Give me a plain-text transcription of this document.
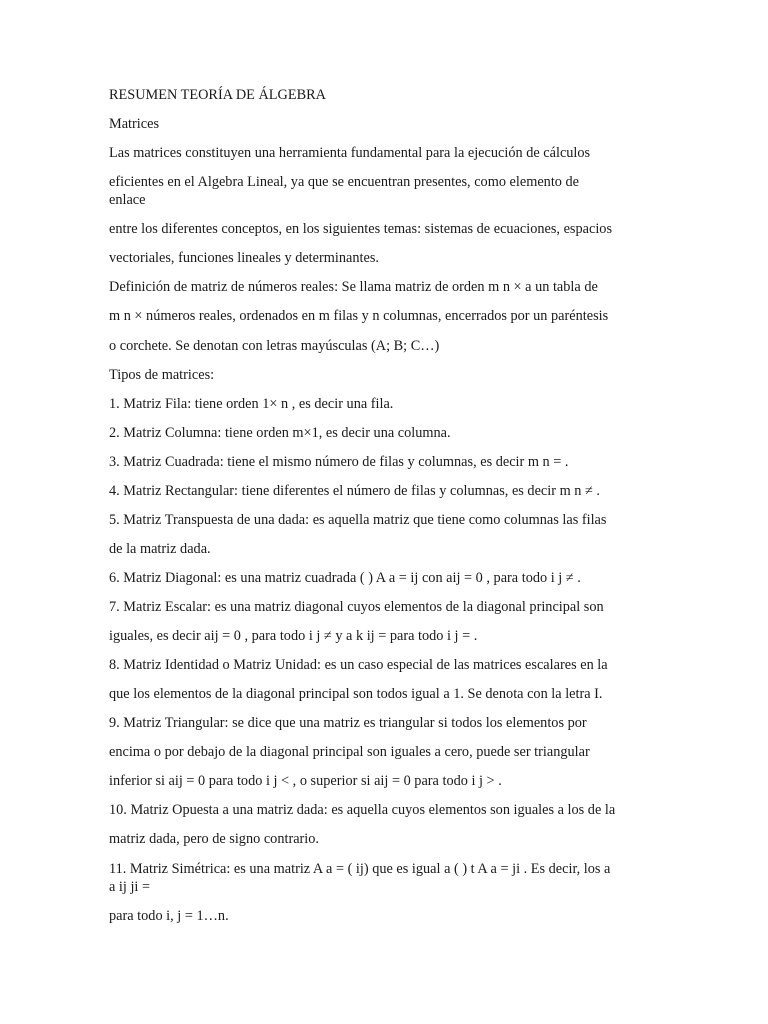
RESUMEN TEORÍA DE ÁLGEBRA
Matrices
Las matrices constituyen una herramienta fundamental para la ejecución de cálculos
eficientes en el Algebra Lineal, ya que se encuentran presentes, como elemento de
enlace
entre los diferentes conceptos, en los siguientes temas: sistemas de ecuaciones, espacios
vectoriales, funciones lineales y determinantes.
Definición de matriz de números reales: Se llama matriz de orden m n × a un tabla de
m n × números reales, ordenados en m filas y n columnas, encerrados por un paréntesis
o corchete. Se denotan con letras mayúsculas (A; B; C…)
Tipos de matrices:
1. Matriz Fila: tiene orden 1× n , es decir una fila.
2. Matriz Columna: tiene orden m×1, es decir una columna.
3. Matriz Cuadrada: tiene el mismo número de filas y columnas, es decir m n = .
4. Matriz Rectangular: tiene diferentes el número de filas y columnas, es decir m n ≠ .
5. Matriz Transpuesta de una dada: es aquella matriz que tiene como columnas las filas
de la matriz dada.
6. Matriz Diagonal: es una matriz cuadrada ( ) A a = ij con aij = 0 , para todo i j ≠ .
7. Matriz Escalar: es una matriz diagonal cuyos elementos de la diagonal principal son
iguales, es decir aij = 0 , para todo i j ≠ y a k ij = para todo i j = .
8. Matriz Identidad o Matriz Unidad: es un caso especial de las matrices escalares en la
que los elementos de la diagonal principal son todos igual a 1. Se denota con la letra I.
9. Matriz Triangular: se dice que una matriz es triangular si todos los elementos por
encima o por debajo de la diagonal principal son iguales a cero, puede ser triangular
inferior si aij = 0 para todo i j < , o superior si aij = 0 para todo i j > .
10. Matriz Opuesta a una matriz dada: es aquella cuyos elementos son iguales a los de la
matriz dada, pero de signo contrario.
11. Matriz Simétrica: es una matriz A a = ( ij) que es igual a ( ) t A a = ji . Es decir, los a
a ij ji =
para todo i, j = 1…n.
